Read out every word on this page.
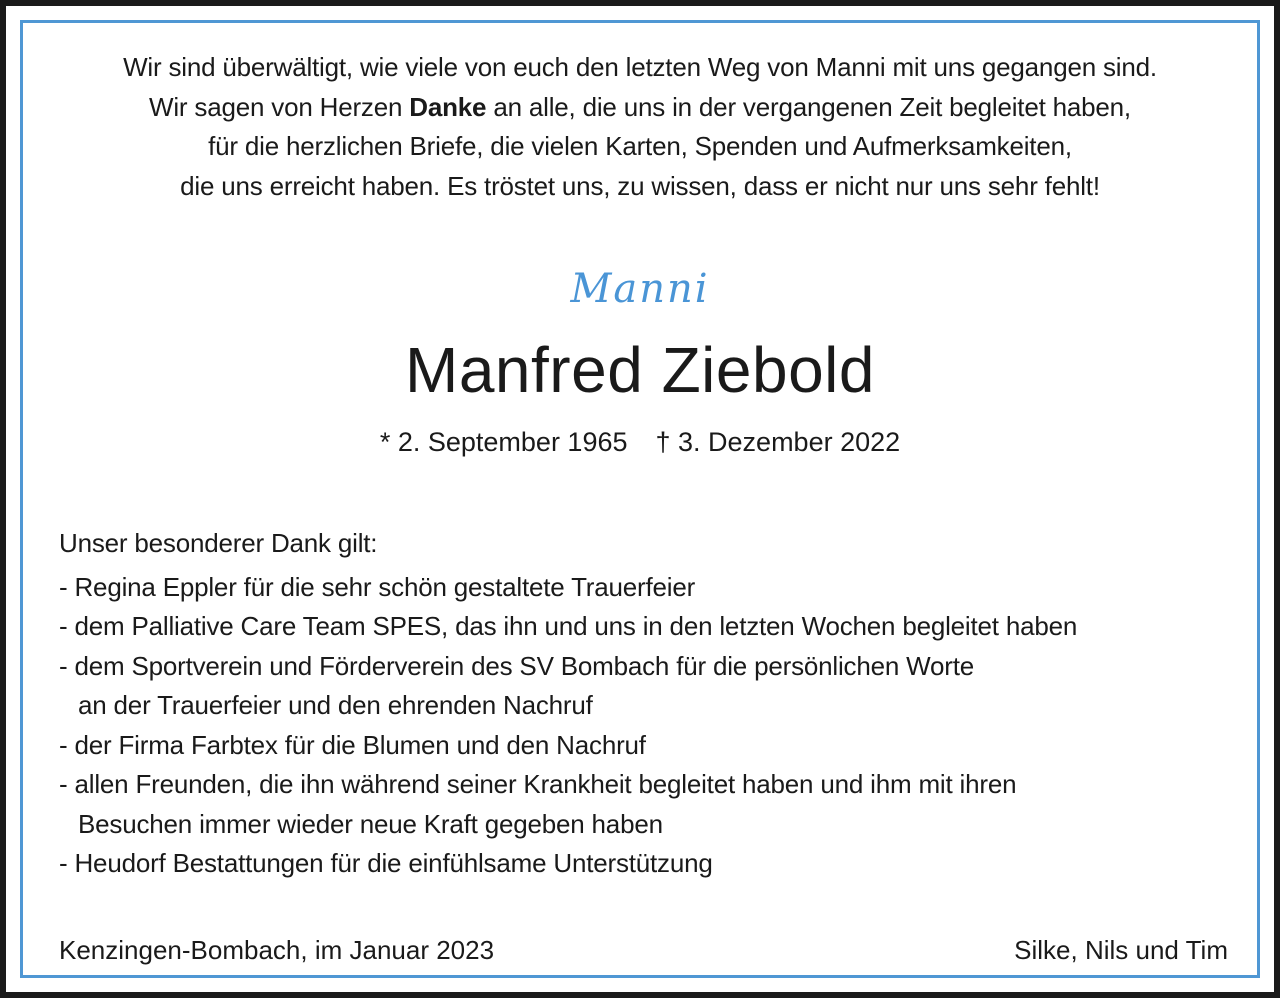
Wir sind überwältigt, wie viele von euch den letzten Weg von Manni mit uns gegangen sind.
Wir sagen von Herzen Danke an alle, die uns in der vergangenen Zeit begleitet haben,
für die herzlichen Briefe, die vielen Karten, Spenden und Aufmerksamkeiten,
die uns erreicht haben. Es tröstet uns, zu wissen, dass er nicht nur uns sehr fehlt!
Manni
Manfred Ziebold
* 2. September 1965 † 3. Dezember 2022
Unser besonderer Dank gilt:
- Regina Eppler für die sehr schön gestaltete Trauerfeier
- dem Palliative Care Team SPES, das ihn und uns in den letzten Wochen begleitet haben
- dem Sportverein und Förderverein des SV Bombach für die persönlichen Worte
an der Trauerfeier und den ehrenden Nachruf
- der Firma Farbtex für die Blumen und den Nachruf
- allen Freunden, die ihn während seiner Krankheit begleitet haben und ihm mit ihren
Besuchen immer wieder neue Kraft gegeben haben
- Heudorf Bestattungen für die einfühlsame Unterstützung
Kenzingen-Bombach, im Januar 2023	Silke, Nils und Tim
